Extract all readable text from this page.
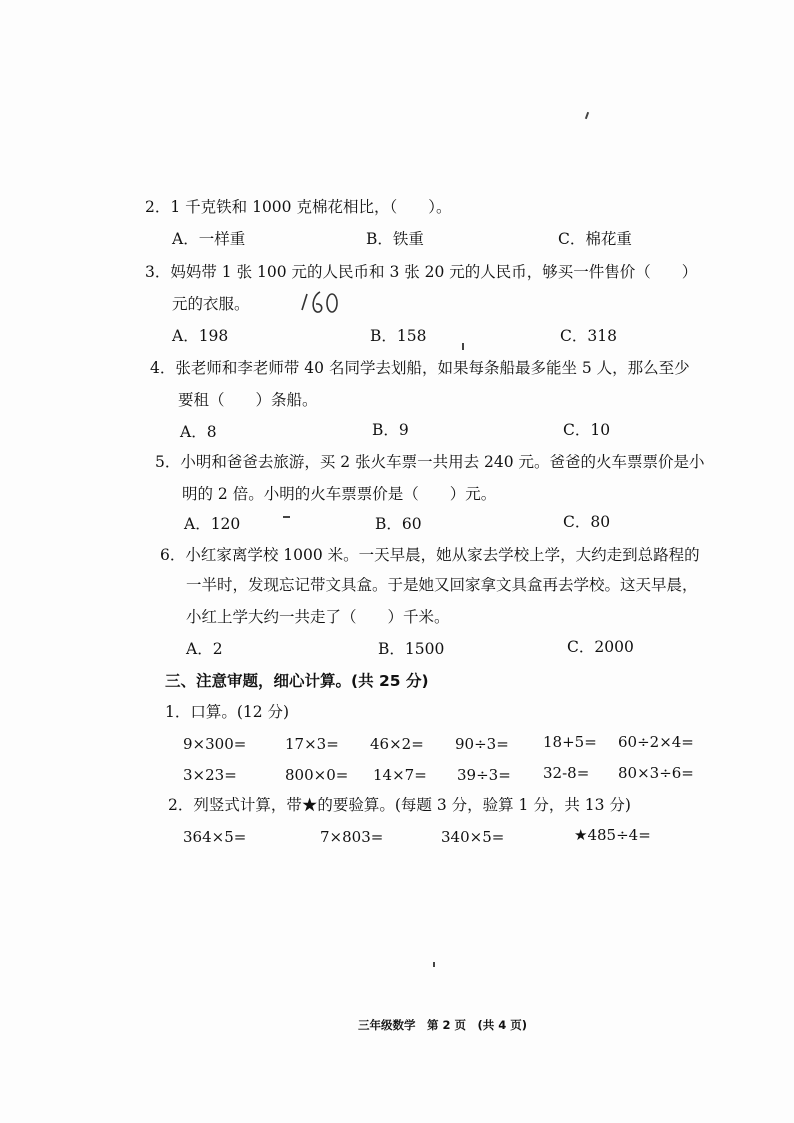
2．1 千克铁和 1000 克棉花相比，（　　）。
A．一样重	B．铁重	C．棉花重
3．妈妈带 1 张 100 元的人民币和 3 张 20 元的人民币，够买一件售价（　　）
元的衣服。
A．198	B．158	C．318
4．张老师和李老师带 40 名同学去划船，如果每条船最多能坐 5 人，那么至少
要租（　　）条船。
A．8	B．9	C．10
5．小明和爸爸去旅游，买 2 张火车票一共用去 240 元。爸爸的火车票票价是小
明的 2 倍。小明的火车票票价是（　　）元。
A．120	B．60	C．80
6．小红家离学校 1000 米。一天早晨，她从家去学校上学，大约走到总路程的
一半时，发现忘记带文具盒。于是她又回家拿文具盒再去学校。这天早晨，
小红上学大约一共走了（　　）千米。
A．2	B．1500	C．2000
三、注意审题，细心计算。(共 25 分)
1．口算。(12 分)
9×300=	17×3= 46×2= 90÷3= 18+5= 60÷2×4=
3×23=	800×0= 14×7= 39÷3= 32-8= 80×3÷6=
2．列竖式计算，带★的要验算。(每题 3 分，验算 1 分，共 13 分)
364×5=	7×803=	340×5=	★485÷4=
三年级数学　第 2 页　(共 4 页)
